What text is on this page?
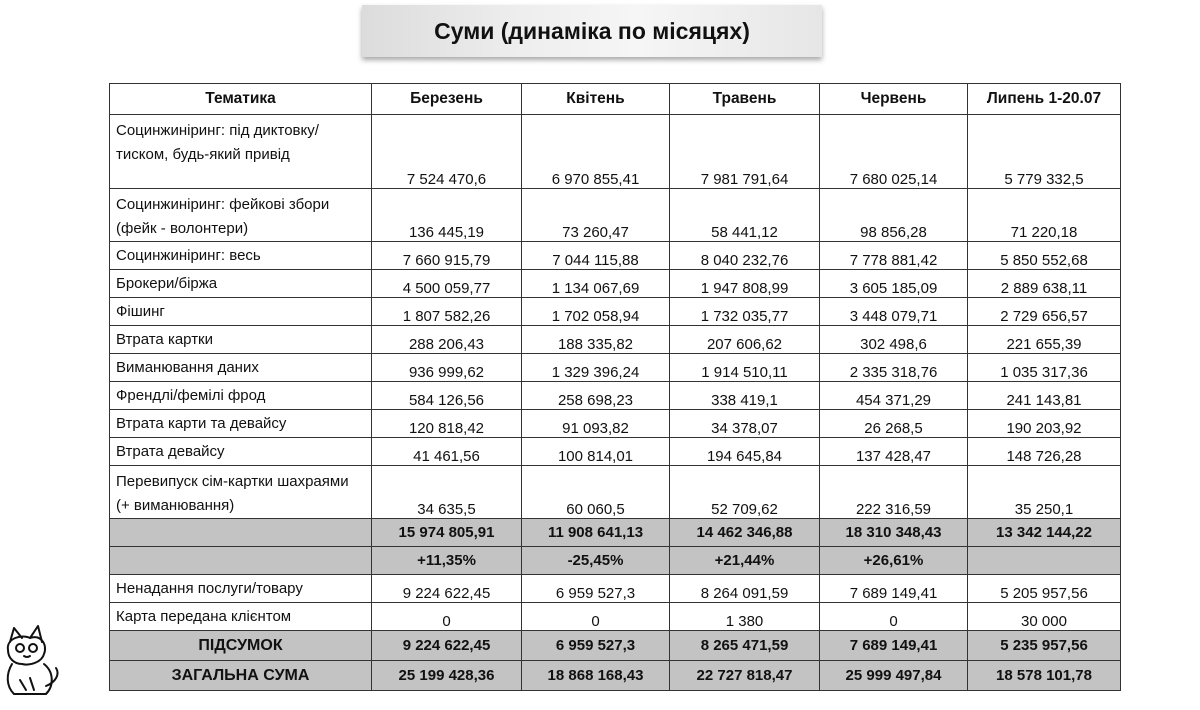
Суми (динаміка по місяцях)
Тематика	Березень	Квітень	Травень	Червень	Липень 1-20.07
Социнжиніринг: під диктовку/тиском, будь-який привід	7 524 470,6	6 970 855,41	7 981 791,64	7 680 025,14	5 779 332,5
Социнжиніринг: фейкові збори (фейк - волонтери)	136 445,19	73 260,47	58 441,12	98 856,28	71 220,18
Социнжиніринг: весь	7 660 915,79	7 044 115,88	8 040 232,76	7 778 881,42	5 850 552,68
Брокери/біржа	4 500 059,77	1 134 067,69	1 947 808,99	3 605 185,09	2 889 638,11
Фішинг	1 807 582,26	1 702 058,94	1 732 035,77	3 448 079,71	2 729 656,57
Втрата картки	288 206,43	188 335,82	207 606,62	302 498,6	221 655,39
Виманювання даних	936 999,62	1 329 396,24	1 914 510,11	2 335 318,76	1 035 317,36
Френдлі/фемілі фрод	584 126,56	258 698,23	338 419,1	454 371,29	241 143,81
Втрата карти та девайсу	120 818,42	91 093,82	34 378,07	26 268,5	190 203,92
Втрата девайсу	41 461,56	100 814,01	194 645,84	137 428,47	148 726,28
Перевипуск сім-картки шахраями (+ виманювання)	34 635,5	60 060,5	52 709,62	222 316,59	35 250,1
	15 974 805,91	11 908 641,13	14 462 346,88	18 310 348,43	13 342 144,22
	+11,35%	-25,45%	+21,44%	+26,61%	
Ненадання послуги/товару	9 224 622,45	6 959 527,3	8 264 091,59	7 689 149,41	5 205 957,56
Карта передана клієнтом	0	0	1 380	0	30 000
ПІДСУМОК	9 224 622,45	6 959 527,3	8 265 471,59	7 689 149,41	5 235 957,56
ЗАГАЛЬНА СУМА	25 199 428,36	18 868 168,43	22 727 818,47	25 999 497,84	18 578 101,78
